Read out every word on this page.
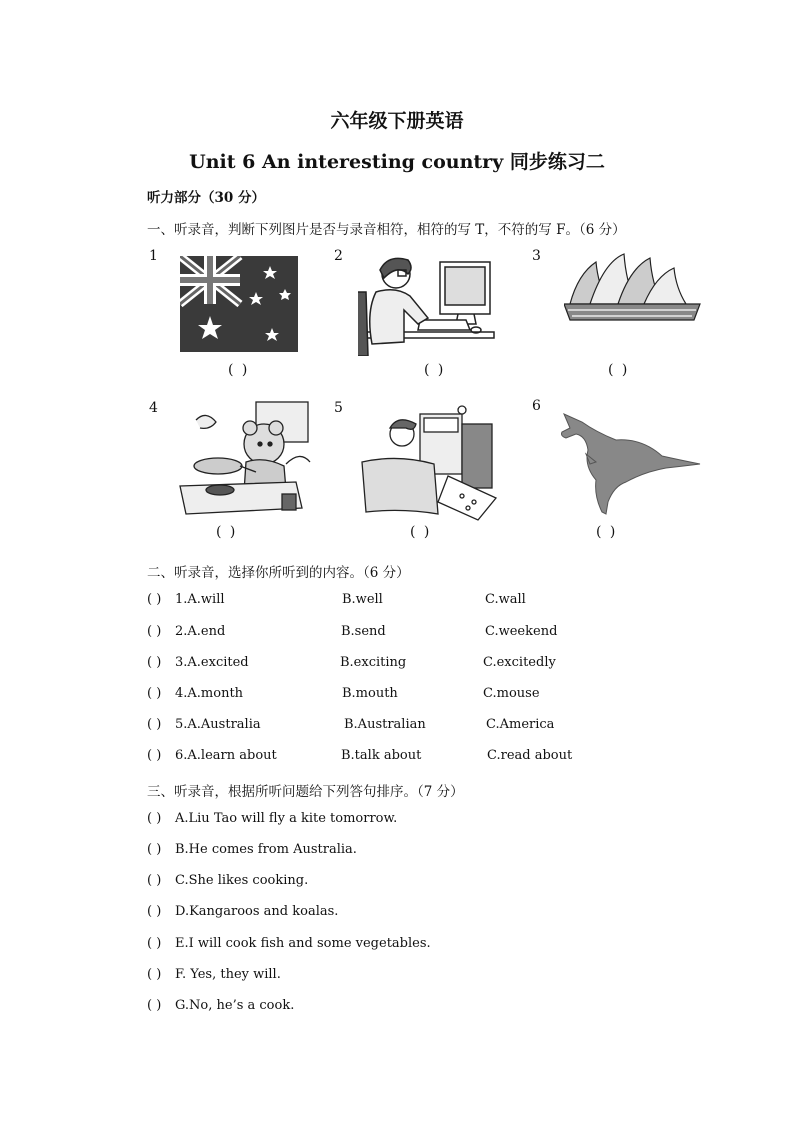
六年级下册英语
Unit 6 An interesting country 同步练习二
听力部分（30 分）
一、听录音，判断下列图片是否与录音相符，相符的写 T，不符的写 F。（6 分）
1
( )
2
( )
3
( )
4
( )
5
( )
6
( )
二、听录音，选择你所听到的内容。（6 分）
( ) 1.A.will	B.well	C.wall
( ) 2.A.end	B.send	C.weekend
( ) 3.A.excited	B.exciting	C.excitedly
( ) 4.A.month	B.mouth	C.mouse
( ) 5.A.Australia	B.Australian	C.America
( ) 6.A.learn about	B.talk about	C.read about
三、听录音，根据所听问题给下列答句排序。（7 分）
( ) A.Liu Tao will fly a kite tomorrow.
( ) B.He comes from Australia.
( ) C.She likes cooking.
( ) D.Kangaroos and koalas.
( ) E.I will cook fish and some vegetables.
( ) F. Yes, they will.
( ) G.No, he’s a cook.
